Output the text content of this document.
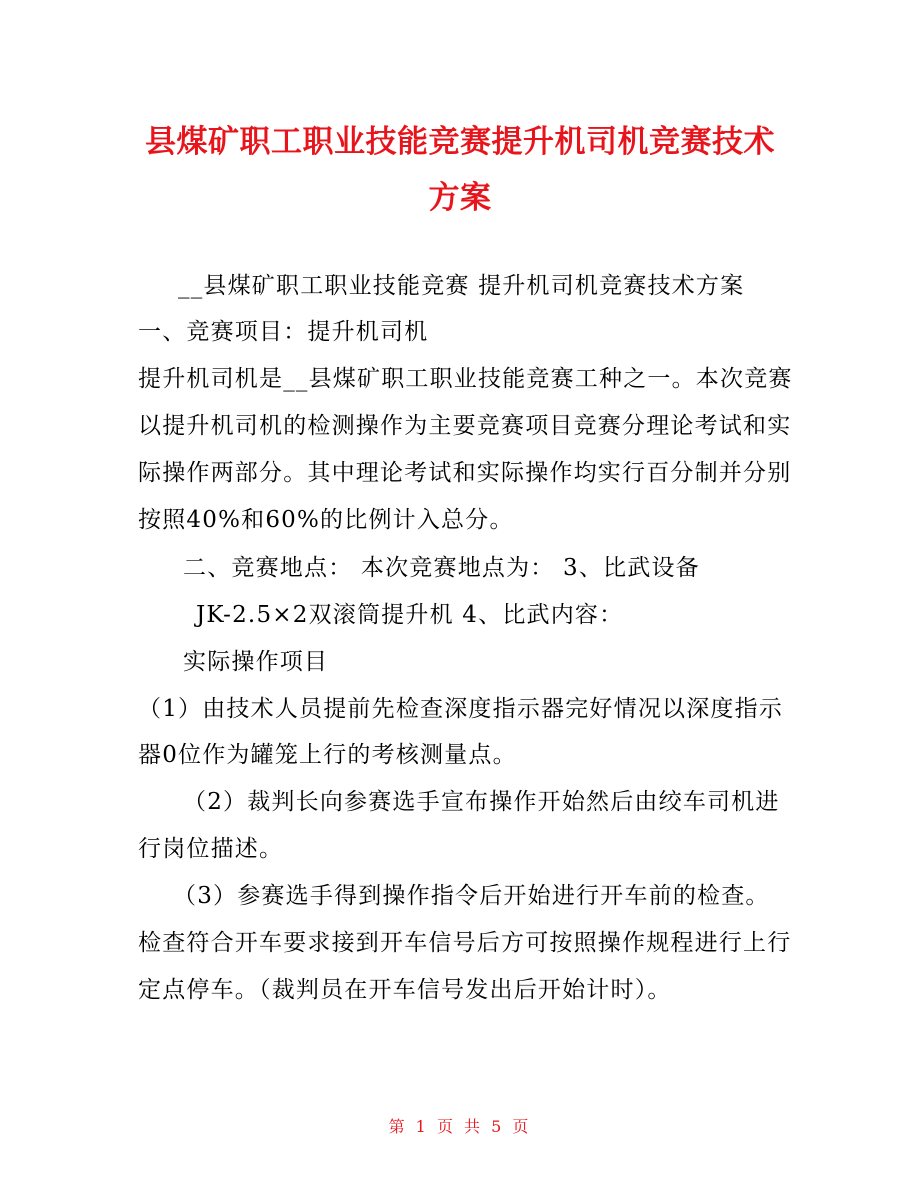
县煤矿职工职业技能竞赛提升机司机竞赛技术
方案
__县煤矿职工职业技能竞赛 提升机司机竞赛技术方案
一、竞赛项目：提升机司机
提升机司机是__县煤矿职工职业技能竞赛工种之一。本次竞赛
以提升机司机的检测操作为主要竞赛项目竞赛分理论考试和实
际操作两部分。其中理论考试和实际操作均实行百分制并分别
按照40%和60%的比例计入总分。
二、竞赛地点： 本次竞赛地点为： 3、比武设备
JK-2.5×2双滚筒提升机 4、比武内容：
实际操作项目
（1）由技术人员提前先检查深度指示器完好情况以深度指示
器0位作为罐笼上行的考核测量点。
（2）裁判长向参赛选手宣布操作开始然后由绞车司机进
行岗位描述。
（3）参赛选手得到操作指令后开始进行开车前的检查。
检查符合开车要求接到开车信号后方可按照操作规程进行上行
定点停车。（裁判员在开车信号发出后开始计时）。
第 1 页 共 5 页
